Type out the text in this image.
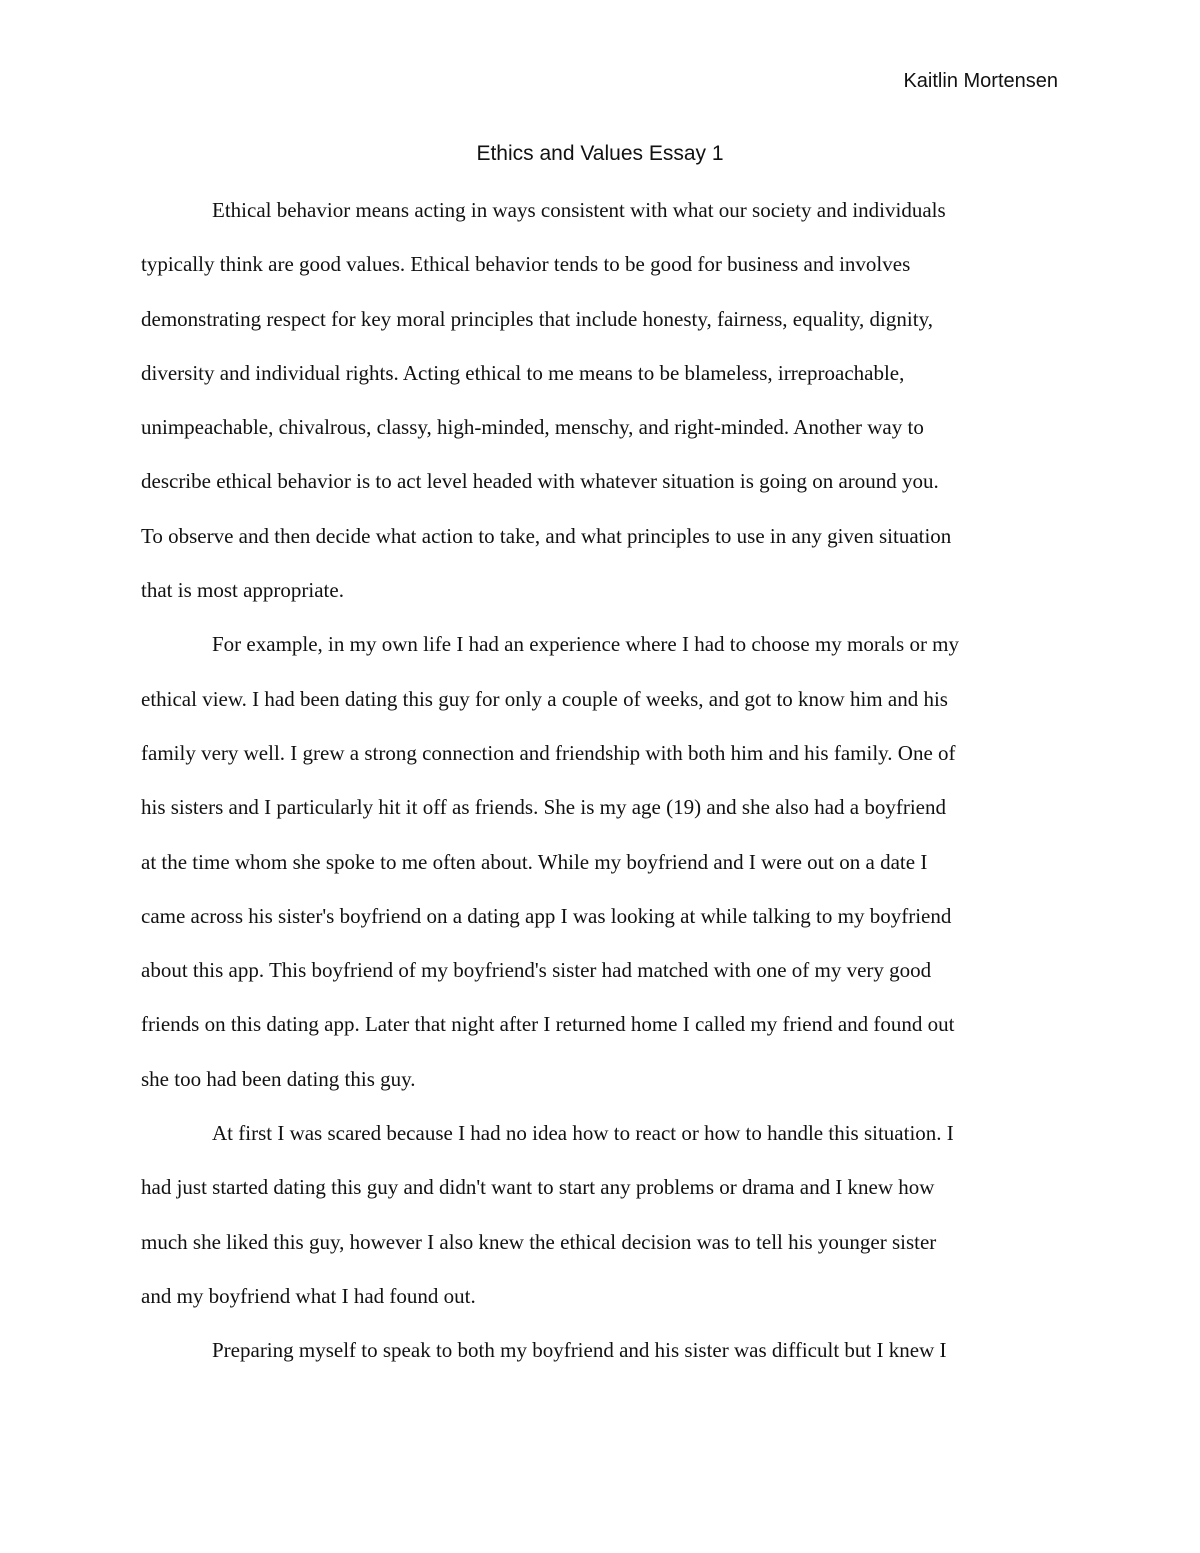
Kaitlin Mortensen
Ethics and Values Essay 1
Ethical behavior means acting in ways consistent with what our society and individuals
typically think are good values. Ethical behavior tends to be good for business and involves
demonstrating respect for key moral principles that include honesty, fairness, equality, dignity,
diversity and individual rights. Acting ethical to me means to be blameless, irreproachable,
unimpeachable, chivalrous, classy, high-minded, menschy, and right-minded. Another way to
describe ethical behavior is to act level headed with whatever situation is going on around you.
To observe and then decide what action to take, and what principles to use in any given situation
that is most appropriate.
For example, in my own life I had an experience where I had to choose my morals or my
ethical view. I had been dating this guy for only a couple of weeks, and got to know him and his
family very well. I grew a strong connection and friendship with both him and his family. One of
his sisters and I particularly hit it off as friends. She is my age (19) and she also had a boyfriend
at the time whom she spoke to me often about. While my boyfriend and I were out on a date I
came across his sister's boyfriend on a dating app I was looking at while talking to my boyfriend
about this app. This boyfriend of my boyfriend's sister had matched with one of my very good
friends on this dating app. Later that night after I returned home I called my friend and found out
she too had been dating this guy.
At first I was scared because I had no idea how to react or how to handle this situation. I
had just started dating this guy and didn't want to start any problems or drama and I knew how
much she liked this guy, however I also knew the ethical decision was to tell his younger sister
and my boyfriend what I had found out.
Preparing myself to speak to both my boyfriend and his sister was difficult but I knew I
